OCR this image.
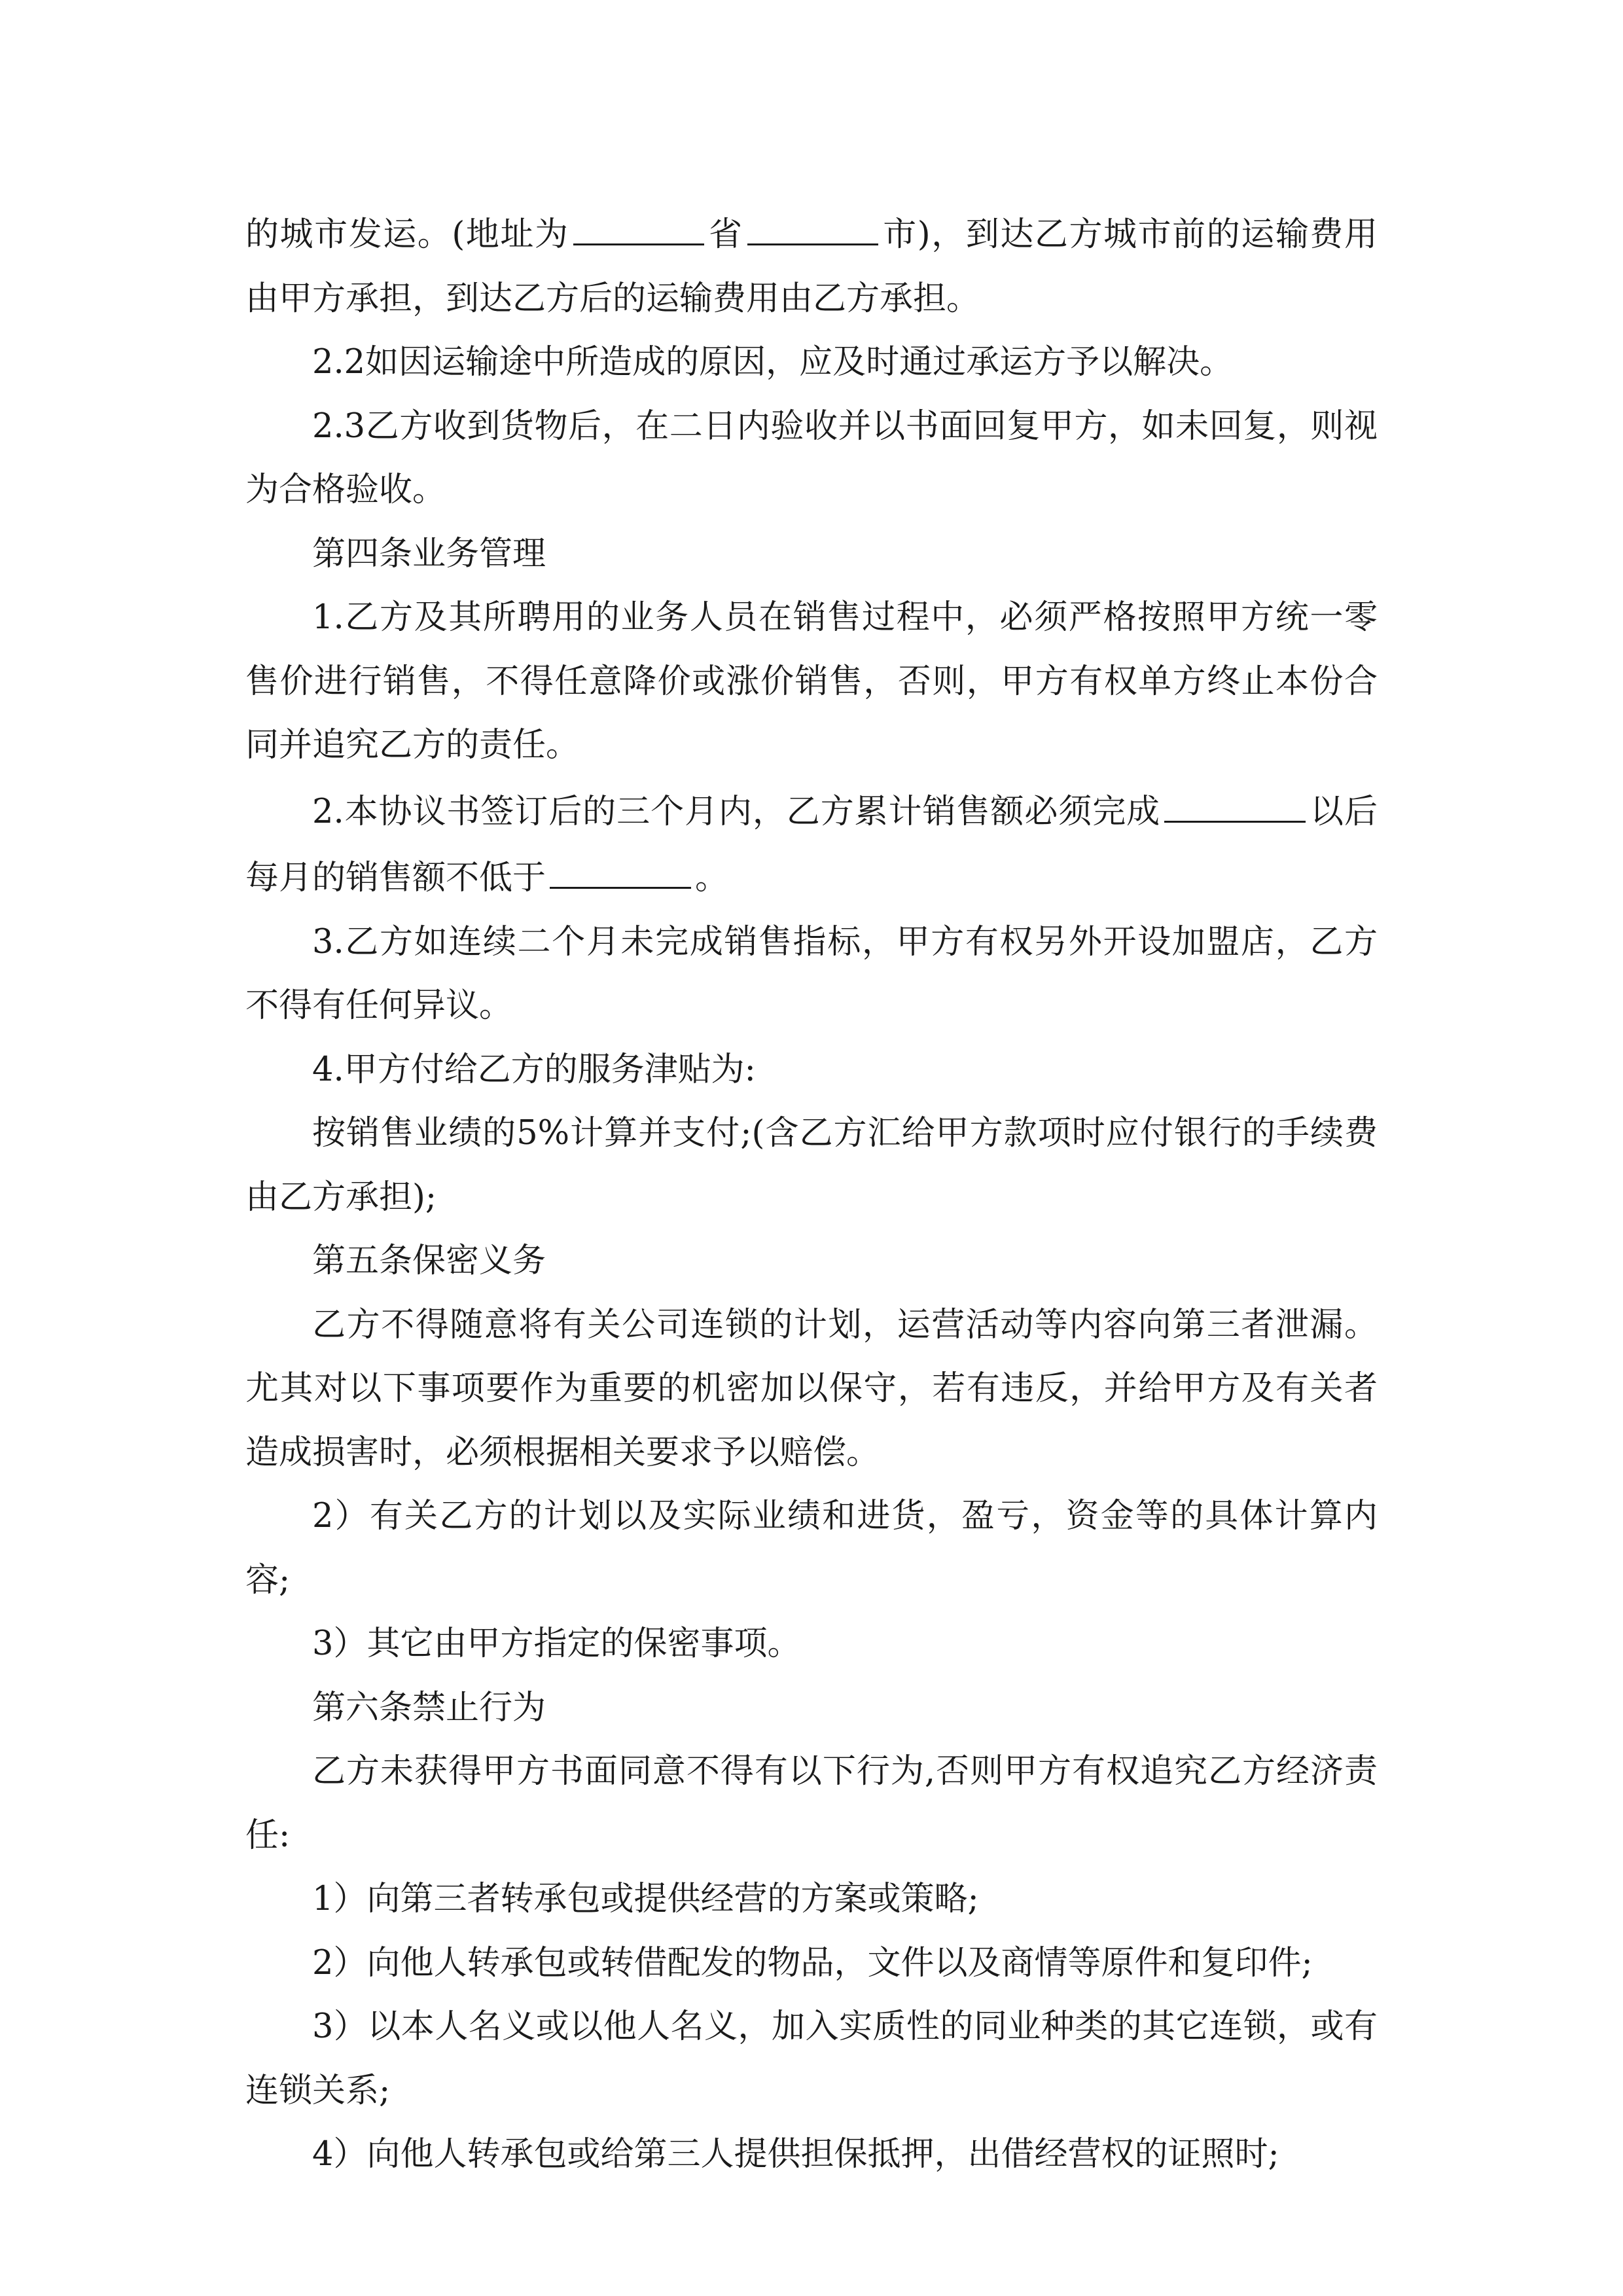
的城市发运。(地址为	省	市)，到达乙方城市前的运输费用由甲方承担，到达乙方后的运输费用由乙方承担。

2.2如因运输途中所造成的原因，应及时通过承运方予以解决。

2.3乙方收到货物后，在二日内验收并以书面回复甲方，如未回复，则视为合格验收。

第四条业务管理

1.乙方及其所聘用的业务人员在销售过程中，必须严格按照甲方统一零售价进行销售，不得任意降价或涨价销售，否则，甲方有权单方终止本份合同并追究乙方的责任。

2.本协议书签订后的三个月内，乙方累计销售额必须完成	以后每月的销售额不低于	。

3.乙方如连续二个月未完成销售指标，甲方有权另外开设加盟店，乙方不得有任何异议。

4.甲方付给乙方的服务津贴为:

按销售业绩的5%计算并支付;(含乙方汇给甲方款项时应付银行的手续费由乙方承担);

第五条保密义务

乙方不得随意将有关公司连锁的计划，运营活动等内容向第三者泄漏。尤其对以下事项要作为重要的机密加以保守，若有违反，并给甲方及有关者造成损害时，必须根据相关要求予以赔偿。

2）有关乙方的计划以及实际业绩和进货，盈亏，资金等的具体计算内容;

3）其它由甲方指定的保密事项。

第六条禁止行为

乙方未获得甲方书面同意不得有以下行为,否则甲方有权追究乙方经济责任:

1）向第三者转承包或提供经营的方案或策略;

2）向他人转承包或转借配发的物品，文件以及商情等原件和复印件;

3）以本人名义或以他人名义，加入实质性的同业种类的其它连锁，或有连锁关系;

4）向他人转承包或给第三人提供担保抵押，出借经营权的证照时;
